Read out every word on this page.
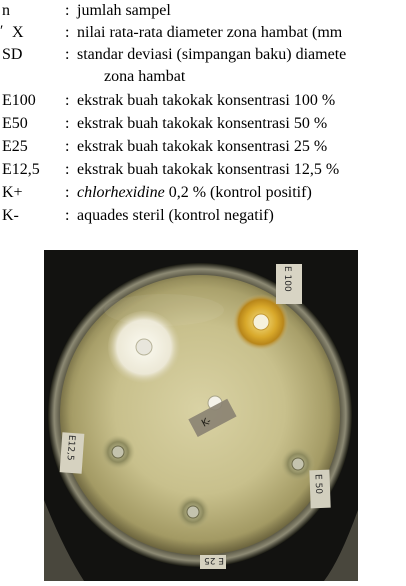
n	: jumlah sampel
′ X	: nilai rata-rata diameter zona hambat (mm
SD	: standar deviasi (simpangan baku) diamete
zona hambat
E100 : ekstrak buah takokak konsentrasi 100 %
E50 : ekstrak buah takokak konsentrasi 50 %
E25 : ekstrak buah takokak konsentrasi 25 %
E12,5 : ekstrak buah takokak konsentrasi 12,5 %
K+	: chlorhexidine 0,2 % (kontrol positif)
K-	: aquades steril (kontrol negatif)
K-
E 100
E 50
E12,5
E 25
